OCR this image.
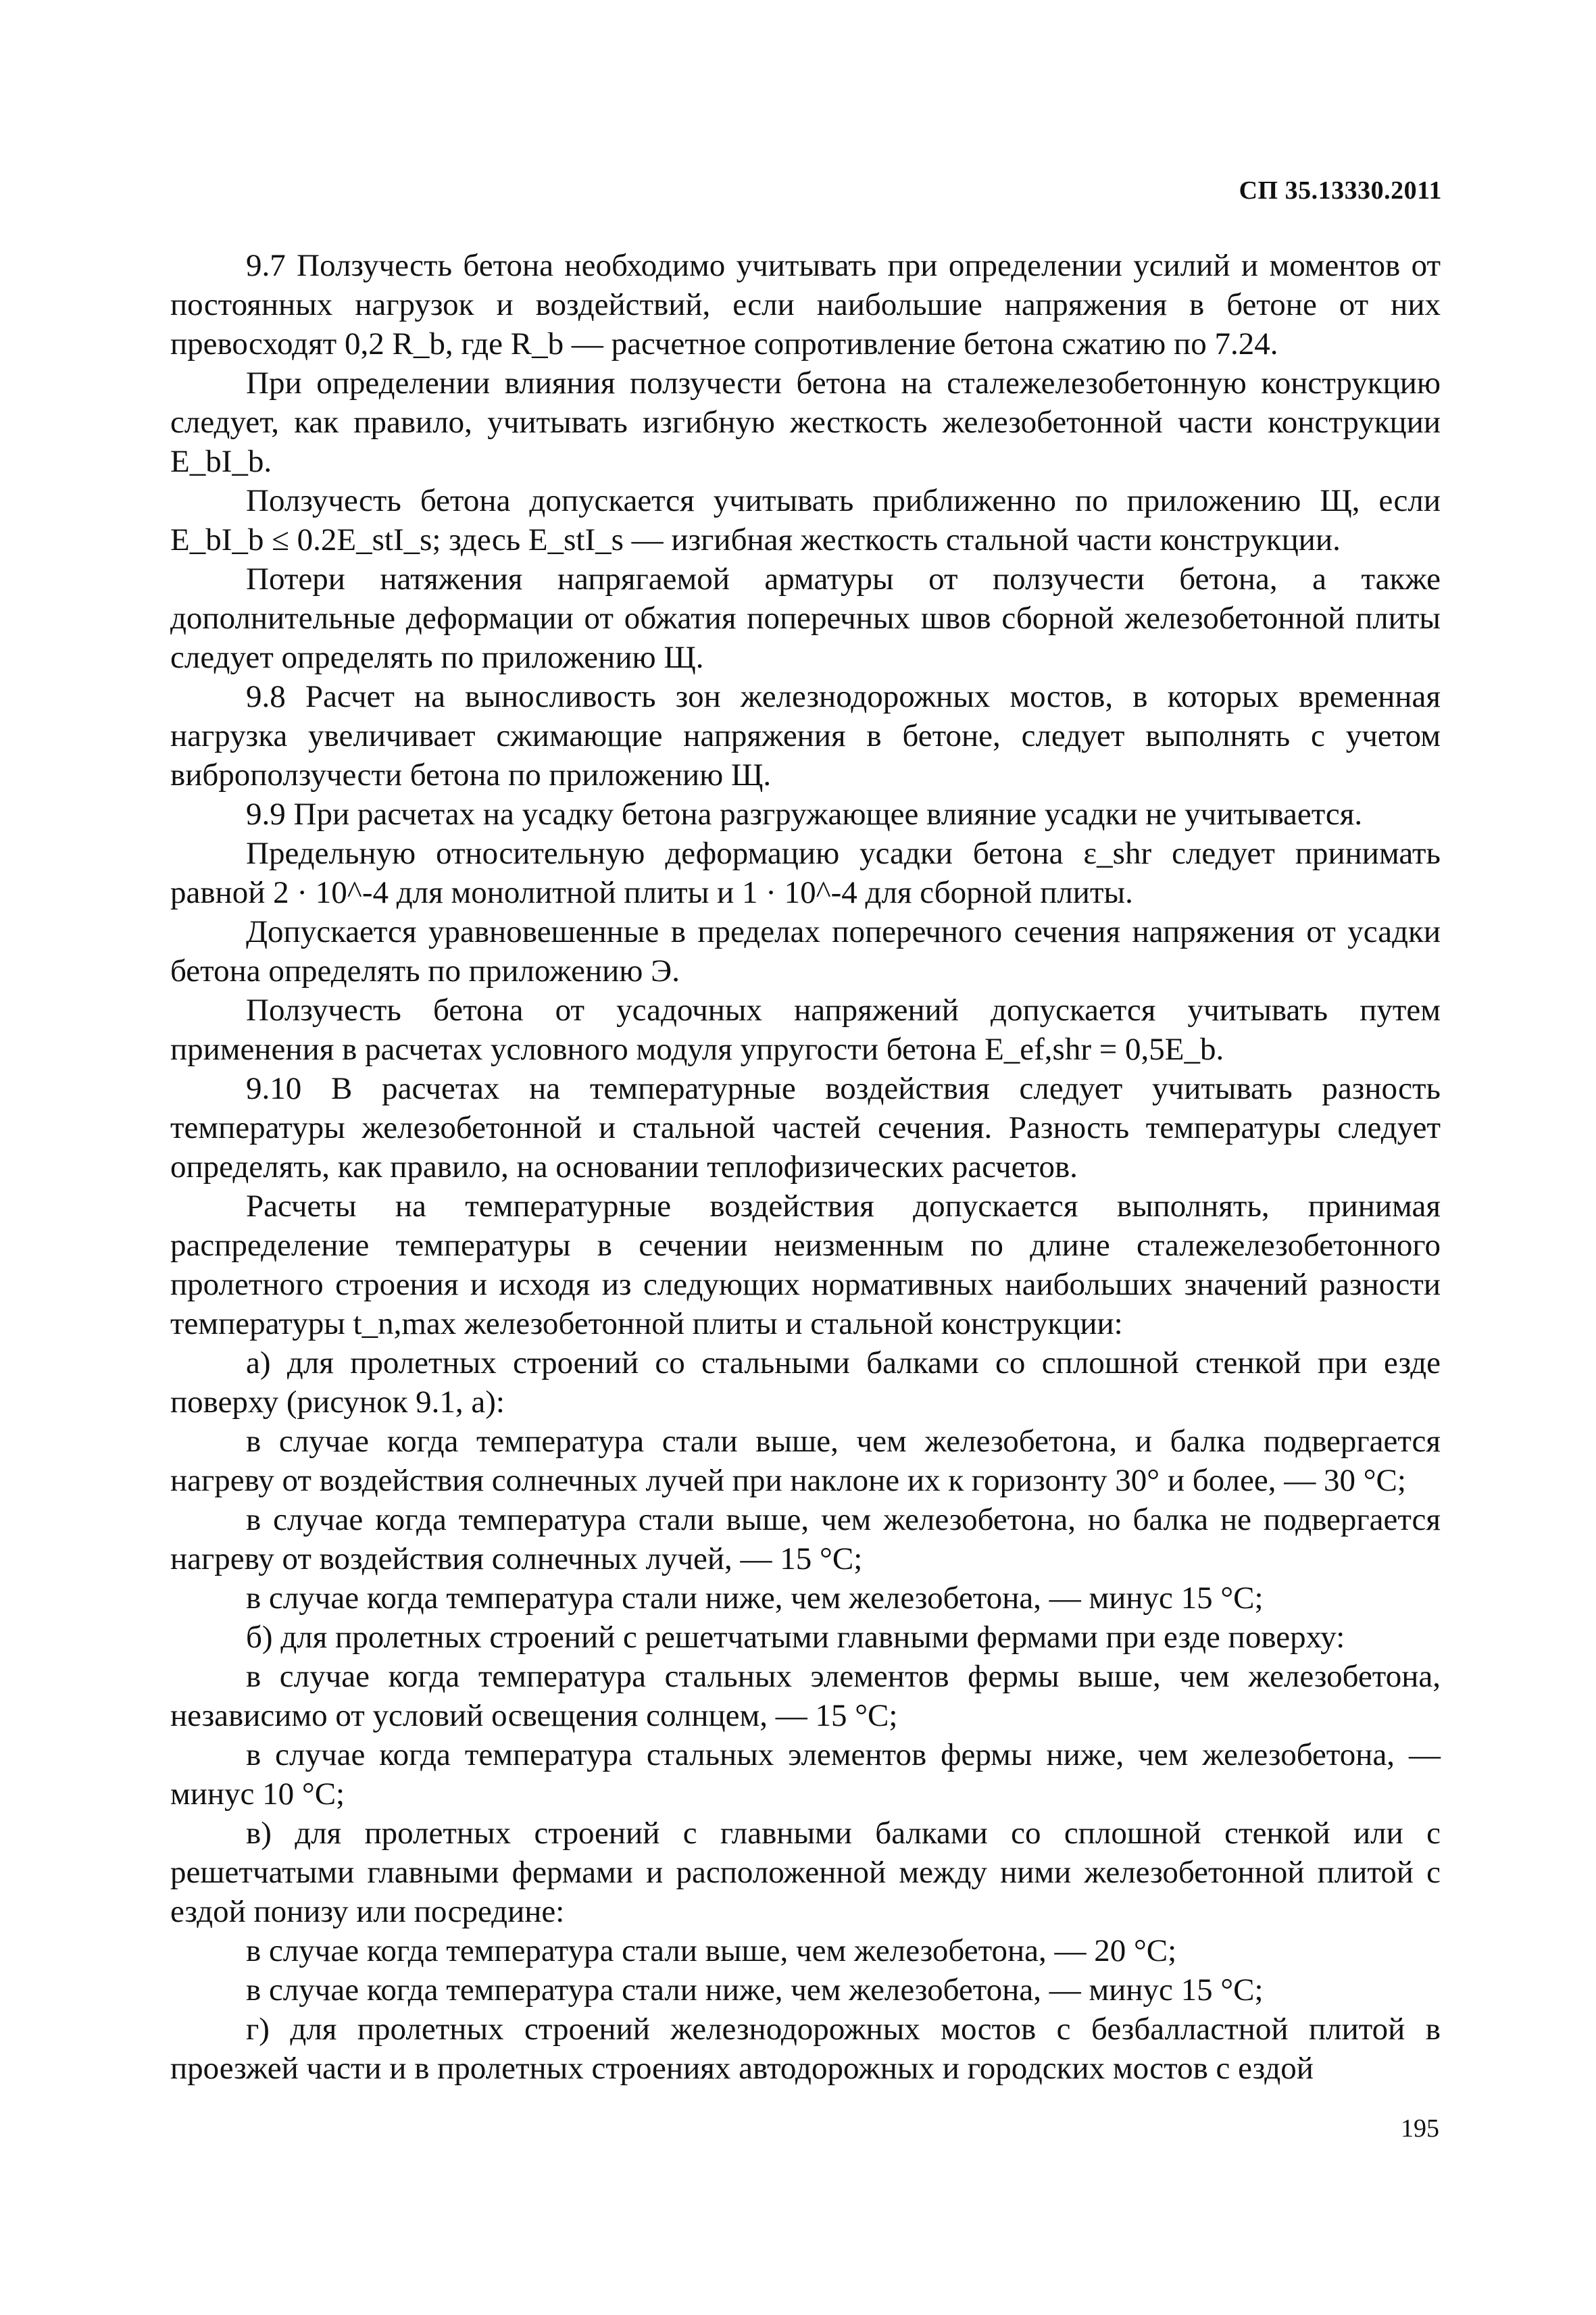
СП 35.13330.2011

9.7 Ползучесть бетона необходимо учитывать при определении усилий и моментов от постоянных нагрузок и воздействий, если наибольшие напряжения в бетоне от них превосходят 0,2 R_b, где R_b — расчетное сопротивление бетона сжатию по 7.24.

При определении влияния ползучести бетона на сталежелезобетонную конструкцию следует, как правило, учитывать изгибную жесткость железобетонной части конструкции E_bI_b.

Ползучесть бетона допускается учитывать приближенно по приложению Щ, если E_bI_b ≤ 0.2E_stI_s; здесь E_stI_s — изгибная жесткость стальной части конструкции.

Потери натяжения напрягаемой арматуры от ползучести бетона, а также дополнительные деформации от обжатия поперечных швов сборной железобетонной плиты следует определять по приложению Щ.

9.8 Расчет на выносливость зон железнодорожных мостов, в которых временная нагрузка увеличивает сжимающие напряжения в бетоне, следует выполнять с учетом виброползучести бетона по приложению Щ.

9.9 При расчетах на усадку бетона разгружающее влияние усадки не учитывается.

Предельную относительную деформацию усадки бетона ε_shr следует принимать равной 2 · 10^-4 для монолитной плиты и 1 · 10^-4 для сборной плиты.

Допускается уравновешенные в пределах поперечного сечения напряжения от усадки бетона определять по приложению Э.

Ползучесть бетона от усадочных напряжений допускается учитывать путем применения в расчетах условного модуля упругости бетона E_ef,shr = 0,5E_b.

9.10 В расчетах на температурные воздействия следует учитывать разность температуры железобетонной и стальной частей сечения. Разность температуры следует определять, как правило, на основании теплофизических расчетов.

Расчеты на температурные воздействия допускается выполнять, принимая распределение температуры в сечении неизменным по длине сталежелезобетонного пролетного строения и исходя из следующих нормативных наибольших значений разности температуры t_n,max железобетонной плиты и стальной конструкции:

а) для пролетных строений со стальными балками со сплошной стенкой при езде поверху (рисунок 9.1, а):

в случае когда температура стали выше, чем железобетона, и балка подвергается нагреву от воздействия солнечных лучей при наклоне их к горизонту 30° и более, — 30 °С;

в случае когда температура стали выше, чем железобетона, но балка не подвергается нагреву от воздействия солнечных лучей, — 15 °С;

в случае когда температура стали ниже, чем железобетона, — минус 15 °С;

б) для пролетных строений с решетчатыми главными фермами при езде поверху:

в случае когда температура стальных элементов фермы выше, чем железобетона, независимо от условий освещения солнцем, — 15 °С;

в случае когда температура стальных элементов фермы ниже, чем железобетона, — минус 10 °С;

в) для пролетных строений с главными балками со сплошной стенкой или с решетчатыми главными фермами и расположенной между ними железобетонной плитой с ездой понизу или посредине:

в случае когда температура стали выше, чем железобетона, — 20 °С;

в случае когда температура стали ниже, чем железобетона, — минус 15 °С;

г) для пролетных строений железнодорожных мостов с безбалластной плитой в проезжей части и в пролетных строениях автодорожных и городских мостов с ездой

195
